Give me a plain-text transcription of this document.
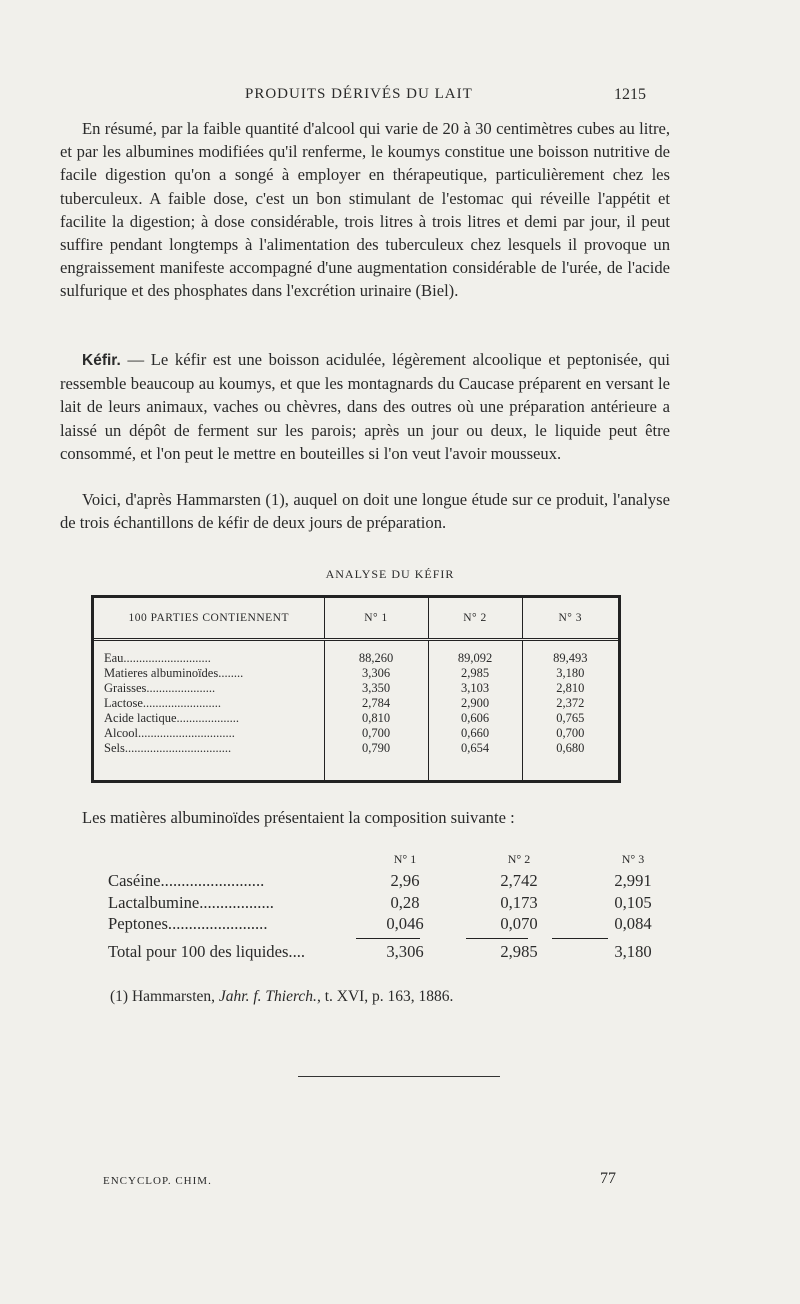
PRODUITS DÉRIVÉS DU LAIT	1215

En résumé, par la faible quantité d'alcool qui varie de 20 à 30 centimètres cubes au litre, et par les albumines modifiées qu'il renferme, le koumys constitue une boisson nutritive de facile digestion qu'on a songé à employer en thérapeutique, particulièrement chez les tuberculeux. A faible dose, c'est un bon stimulant de l'estomac qui réveille l'appétit et facilite la digestion; à dose considérable, trois litres à trois litres et demi par jour, il peut suffire pendant longtemps à l'alimentation des tuberculeux chez lesquels il provoque un engraissement manifeste accompagné d'une augmentation considérable de l'urée, de l'acide sulfurique et des phosphates dans l'excrétion urinaire (Biel).

Kéfir. — Le kéfir est une boisson acidulée, légèrement alcoolique et peptonisée, qui ressemble beaucoup au koumys, et que les montagnards du Caucase préparent en versant le lait de leurs animaux, vaches ou chèvres, dans des outres où une préparation antérieure a laissé un dépôt de ferment sur les parois; après un jour ou deux, le liquide peut être consommé, et l'on peut le mettre en bouteilles si l'on veut l'avoir mousseux.

Voici, d'après Hammarsten (1), auquel on doit une longue étude sur ce produit, l'analyse de trois échantillons de kéfir de deux jours de préparation.

ANALYSE DU KÉFIR

100 PARTIES CONTIENNENT	N° 1	N° 2	N° 3
Eau............................	88,260	89,092	89,493
Matieres albuminoïdes........	3,306	2,985	3,180
Graisses......................	3,350	3,103	2,810
Lactose.........................	2,784	2,900	2,372
Acide lactique....................	0,810	0,606	0,765
Alcool...............................	0,700	0,660	0,700
Sels..................................	0,790	0,654	0,680

Les matières albuminoïdes présentaient la composition suivante :

	N° 1	N° 2	N° 3
Caséine.........................	2,96	2,742	2,991
Lactalbumine..................	0,28	0,173	0,105
Peptones........................	0,046	0,070	0,084
Total pour 100 des liquides....	3,306	2,985	3,180

(1) Hammarsten, Jahr. f. Thierch., t. XVI, p. 163, 1886.

ENCYCLOP. CHIM.	77
